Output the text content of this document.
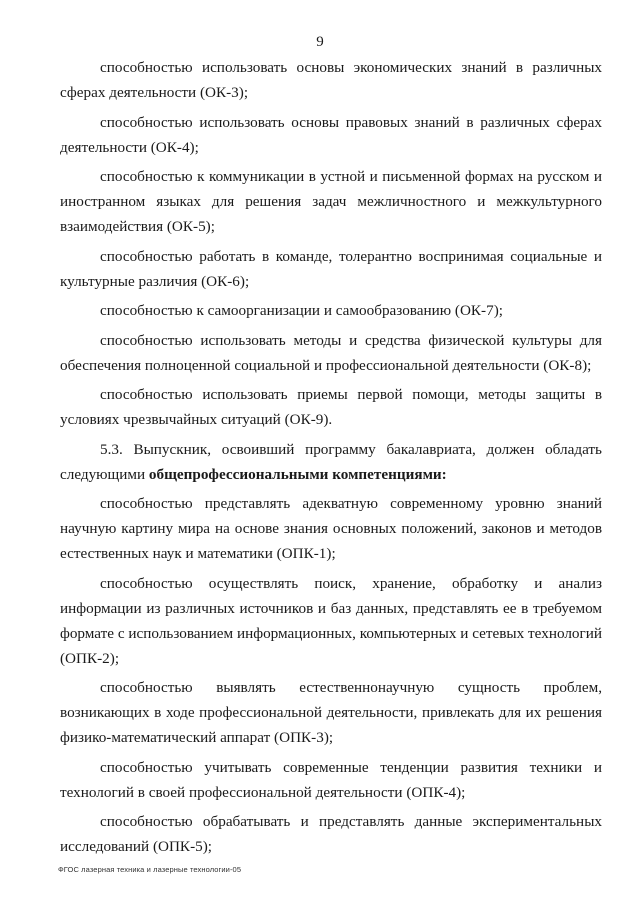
9

способностью использовать основы экономических знаний в различных сферах деятельности (ОК-3);

способностью использовать основы правовых знаний в различных сферах деятельности (ОК-4);

способностью к коммуникации в устной и письменной формах на русском и иностранном языках для решения задач межличностного и межкультурного взаимодействия (ОК-5);

способностью работать в команде, толерантно воспринимая социальные и культурные различия (ОК-6);

способностью к самоорганизации и самообразованию (ОК-7);

способностью использовать методы и средства физической культуры для обеспечения полноценной социальной и профессиональной деятельности (ОК-8);

способностью использовать приемы первой помощи, методы защиты в условиях чрезвычайных ситуаций (ОК-9).

5.3. Выпускник, освоивший программу бакалавриата, должен обладать следующими общепрофессиональными компетенциями:

способностью представлять адекватную современному уровню знаний научную картину мира на основе знания основных положений, законов и методов естественных наук и математики (ОПК-1);

способностью осуществлять поиск, хранение, обработку и анализ информации из различных источников и баз данных, представлять ее в требуемом формате с использованием информационных, компьютерных и сетевых технологий (ОПК-2);

способностью выявлять естественнонаучную сущность проблем, возникающих в ходе профессиональной деятельности, привлекать для их решения физико-математический аппарат (ОПК-3);

способностью учитывать современные тенденции развития техники и технологий в своей профессиональной деятельности (ОПК-4);

способностью обрабатывать и представлять данные экспериментальных исследований (ОПК-5);

ФГОС лазерная техника и лазерные технологии-05
